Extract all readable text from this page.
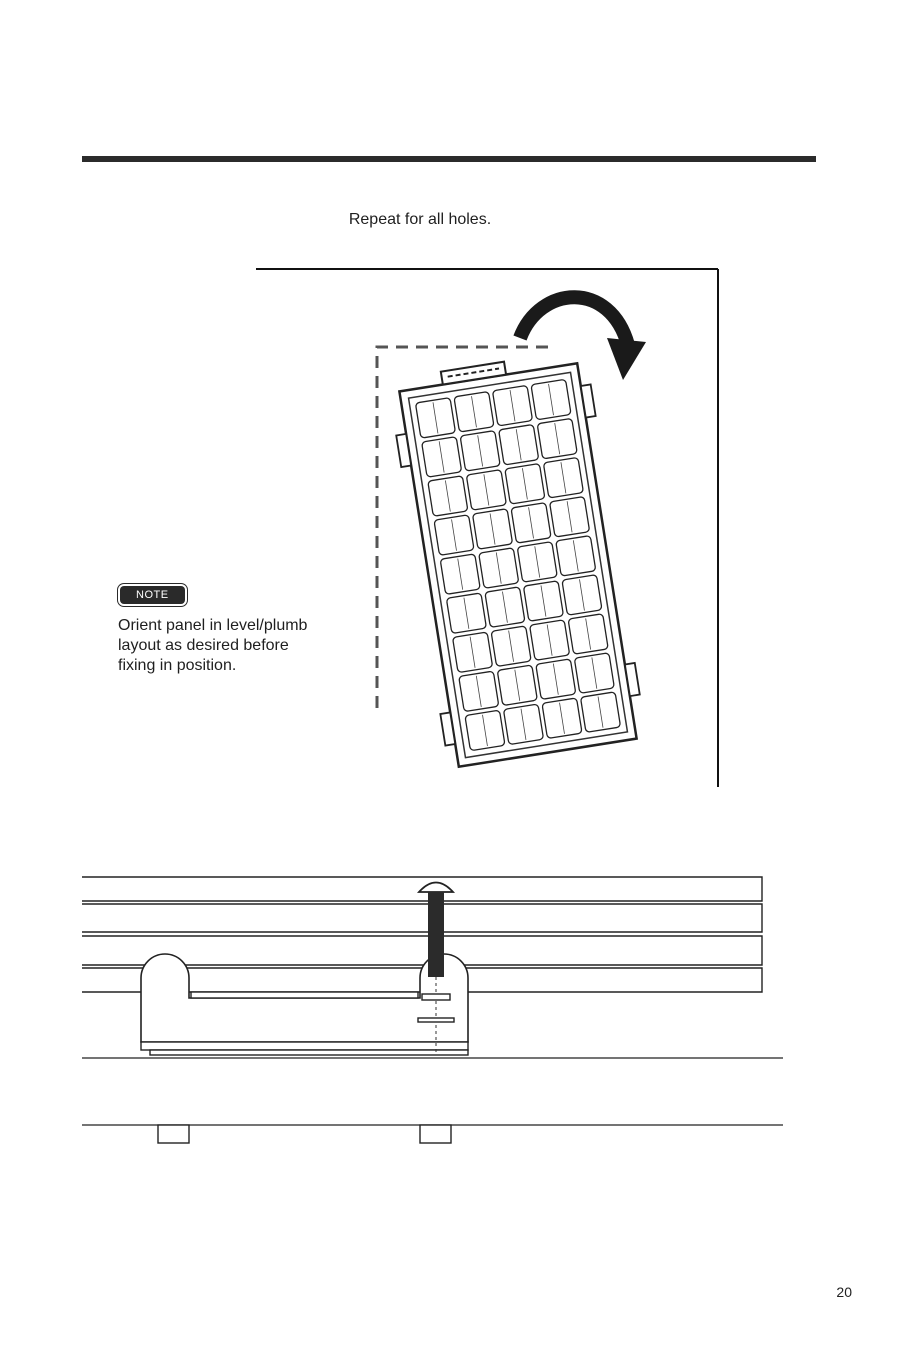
Repeat for all holes.
NOTE
Orient panel in level/plumb
layout as desired before
fixing in position.
20
